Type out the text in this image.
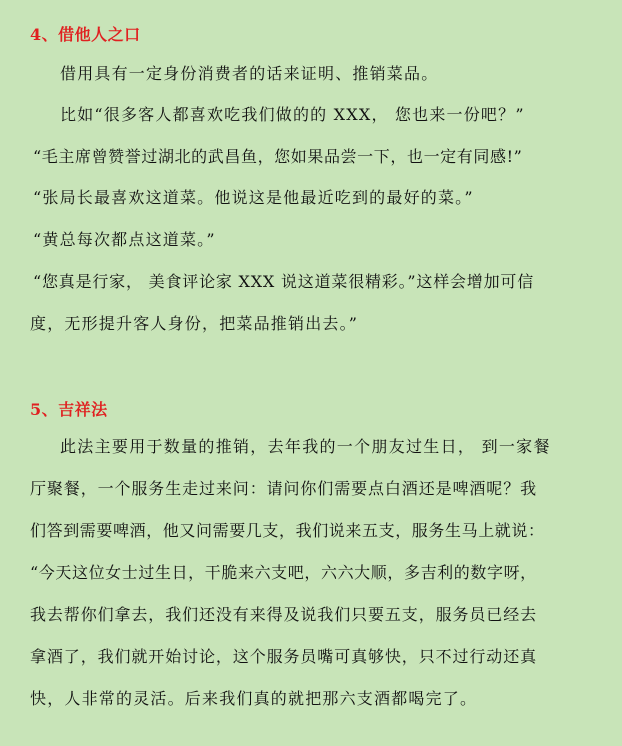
4、借他人之口
借用具有一定身份消费者的话来证明、推销菜品。
比如“很多客人都喜欢吃我们做的的 XXX， 您也来一份吧？”
“毛主席曾赞誉过湖北的武昌鱼，您如果品尝一下，也一定有同感!”
“张局长最喜欢这道菜。他说这是他最近吃到的最好的菜。”
“黄总每次都点这道菜。”
“您真是行家， 美食评论家 XXX 说这道菜很精彩。”这样会增加可信
度，无形提升客人身份，把菜品推销出去。”
5、吉祥法
此法主要用于数量的推销，去年我的一个朋友过生日， 到一家餐
厅聚餐，一个服务生走过来问：请问你们需要点白酒还是啤酒呢？我
们答到需要啤酒，他又问需要几支，我们说来五支，服务生马上就说：
“今天这位女士过生日，干脆来六支吧，六六大顺，多吉利的数字呀，
我去帮你们拿去，我们还没有来得及说我们只要五支，服务员已经去
拿酒了，我们就开始讨论，这个服务员嘴可真够快，只不过行动还真
快，人非常的灵活。后来我们真的就把那六支酒都喝完了。
